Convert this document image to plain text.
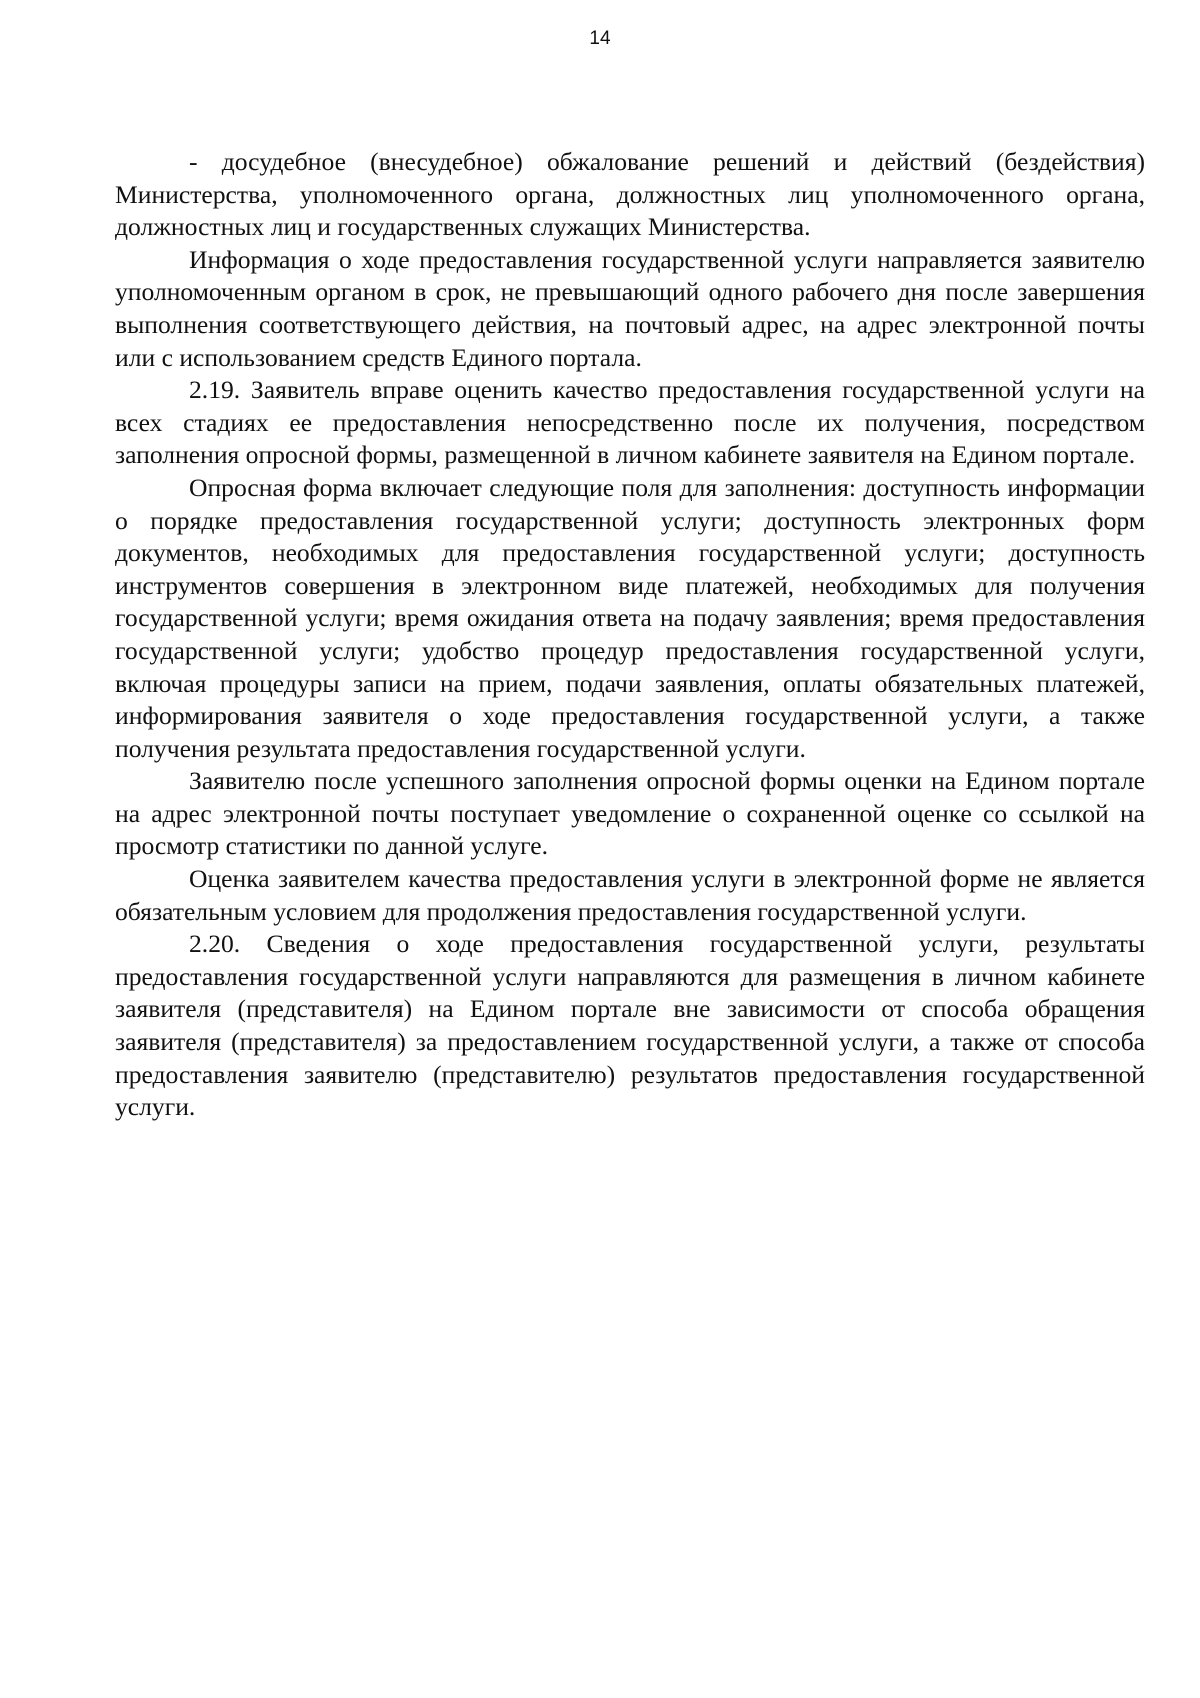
14

- досудебное (внесудебное) обжалование решений и действий (бездействия) Министерства, уполномоченного органа, должностных лиц уполномоченного органа, должностных лиц и государственных служащих Министерства.

Информация о ходе предоставления государственной услуги направляется заявителю уполномоченным органом в срок, не превышающий одного рабочего дня после завершения выполнения соответствующего действия, на почтовый адрес, на адрес электронной почты или с использованием средств Единого портала.

2.19. Заявитель вправе оценить качество предоставления государственной услуги на всех стадиях ее предоставления непосредственно после их получения, посредством заполнения опросной формы, размещенной в личном кабинете заявителя на Едином портале.

Опросная форма включает следующие поля для заполнения: доступность информации о порядке предоставления государственной услуги; доступность электронных форм документов, необходимых для предоставления государственной услуги; доступность инструментов совершения в электронном виде платежей, необходимых для получения государственной услуги; время ожидания ответа на подачу заявления; время предоставления государственной услуги; удобство процедур предоставления государственной услуги, включая процедуры записи на прием, подачи заявления, оплаты обязательных платежей, информирования заявителя о ходе предоставления государственной услуги, а также получения результата предоставления государственной услуги.

Заявителю после успешного заполнения опросной формы оценки на Едином портале на адрес электронной почты поступает уведомление о сохраненной оценке со ссылкой на просмотр статистики по данной услуге.

Оценка заявителем качества предоставления услуги в электронной форме не является обязательным условием для продолжения предоставления государственной услуги.

2.20. Сведения о ходе предоставления государственной услуги, результаты предоставления государственной услуги направляются для размещения в личном кабинете заявителя (представителя) на Едином портале вне зависимости от способа обращения заявителя (представителя) за предоставлением государственной услуги, а также от способа предоставления заявителю (представителю) результатов предоставления государственной услуги.
